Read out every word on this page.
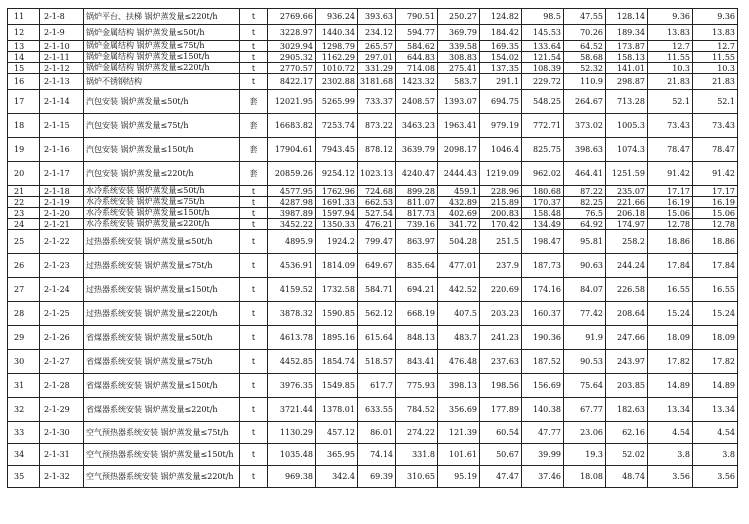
11	2-1-8	锅炉平台、扶梯 锅炉蒸发量≤220t/h	t	2769.66	936.24	393.63	790.51	250.27	124.82	98.5	47.55	128.14	9.36	9.36
12	2-1-9	锅炉金属结构 锅炉蒸发量≤50t/h	t	3228.97	1440.34	234.12	594.77	369.79	184.42	145.53	70.26	189.34	13.83	13.83
13	2-1-10	锅炉金属结构 锅炉蒸发量≤75t/h	t	3029.94	1298.79	265.57	584.62	339.58	169.35	133.64	64.52	173.87	12.7	12.7
14	2-1-11	锅炉金属结构 锅炉蒸发量≤150t/h	t	2905.32	1162.29	297.01	644.83	308.83	154.02	121.54	58.68	158.13	11.55	11.55
15	2-1-12	锅炉金属结构 锅炉蒸发量≤220t/h	t	2770.57	1010.72	331.29	714.08	275.41	137.35	108.39	52.32	141.01	10.3	10.3
16	2-1-13	锅炉不锈钢结构	t	8422.17	2302.88	3181.68	1423.32	583.7	291.1	229.72	110.9	298.87	21.83	21.83
17	2-1-14	汽包安装 锅炉蒸发量≤50t/h	套	12021.95	5265.99	733.37	2408.57	1393.07	694.75	548.25	264.67	713.28	52.1	52.1
18	2-1-15	汽包安装 锅炉蒸发量≤75t/h	套	16683.82	7253.74	873.22	3463.23	1963.41	979.19	772.71	373.02	1005.3	73.43	73.43
19	2-1-16	汽包安装 锅炉蒸发量≤150t/h	套	17904.61	7943.45	878.12	3639.79	2098.17	1046.4	825.75	398.63	1074.3	78.47	78.47
20	2-1-17	汽包安装 锅炉蒸发量≤220t/h	套	20859.26	9254.12	1023.13	4240.47	2444.43	1219.09	962.02	464.41	1251.59	91.42	91.42
21	2-1-18	水冷系统安装 锅炉蒸发量≤50t/h	t	4577.95	1762.96	724.68	899.28	459.1	228.96	180.68	87.22	235.07	17.17	17.17
22	2-1-19	水冷系统安装 锅炉蒸发量≤75t/h	t	4287.98	1691.33	662.53	811.07	432.89	215.89	170.37	82.25	221.66	16.19	16.19
23	2-1-20	水冷系统安装 锅炉蒸发量≤150t/h	t	3987.89	1597.94	527.54	817.73	402.69	200.83	158.48	76.5	206.18	15.06	15.06
24	2-1-21	水冷系统安装 锅炉蒸发量≤220t/h	t	3452.22	1350.33	476.21	739.16	341.72	170.42	134.49	64.92	174.97	12.78	12.78
25	2-1-22	过热器系统安装 锅炉蒸发量≤50t/h	t	4895.9	1924.2	799.47	863.97	504.28	251.5	198.47	95.81	258.2	18.86	18.86
26	2-1-23	过热器系统安装 锅炉蒸发量≤75t/h	t	4536.91	1814.09	649.67	835.64	477.01	237.9	187.73	90.63	244.24	17.84	17.84
27	2-1-24	过热器系统安装 锅炉蒸发量≤150t/h	t	4159.52	1732.58	584.71	694.21	442.52	220.69	174.16	84.07	226.58	16.55	16.55
28	2-1-25	过热器系统安装 锅炉蒸发量≤220t/h	t	3878.32	1590.85	562.12	668.19	407.5	203.23	160.37	77.42	208.64	15.24	15.24
29	2-1-26	省煤器系统安装 锅炉蒸发量≤50t/h	t	4613.78	1895.16	615.64	848.13	483.7	241.23	190.36	91.9	247.66	18.09	18.09
30	2-1-27	省煤器系统安装 锅炉蒸发量≤75t/h	t	4452.85	1854.74	518.57	843.41	476.48	237.63	187.52	90.53	243.97	17.82	17.82
31	2-1-28	省煤器系统安装 锅炉蒸发量≤150t/h	t	3976.35	1549.85	617.7	775.93	398.13	198.56	156.69	75.64	203.85	14.89	14.89
32	2-1-29	省煤器系统安装 锅炉蒸发量≤220t/h	t	3721.44	1378.01	633.55	784.52	356.69	177.89	140.38	67.77	182.63	13.34	13.34
33	2-1-30	空气预热器系统安装 锅炉蒸发量≤75t/h	t	1130.29	457.12	86.01	274.22	121.39	60.54	47.77	23.06	62.16	4.54	4.54
34	2-1-31	空气预热器系统安装 锅炉蒸发量≤150t/h	t	1035.48	365.95	74.14	331.8	101.61	50.67	39.99	19.3	52.02	3.8	3.8
35	2-1-32	空气预热器系统安装 锅炉蒸发量≤220t/h	t	969.38	342.4	69.39	310.65	95.19	47.47	37.46	18.08	48.74	3.56	3.56
